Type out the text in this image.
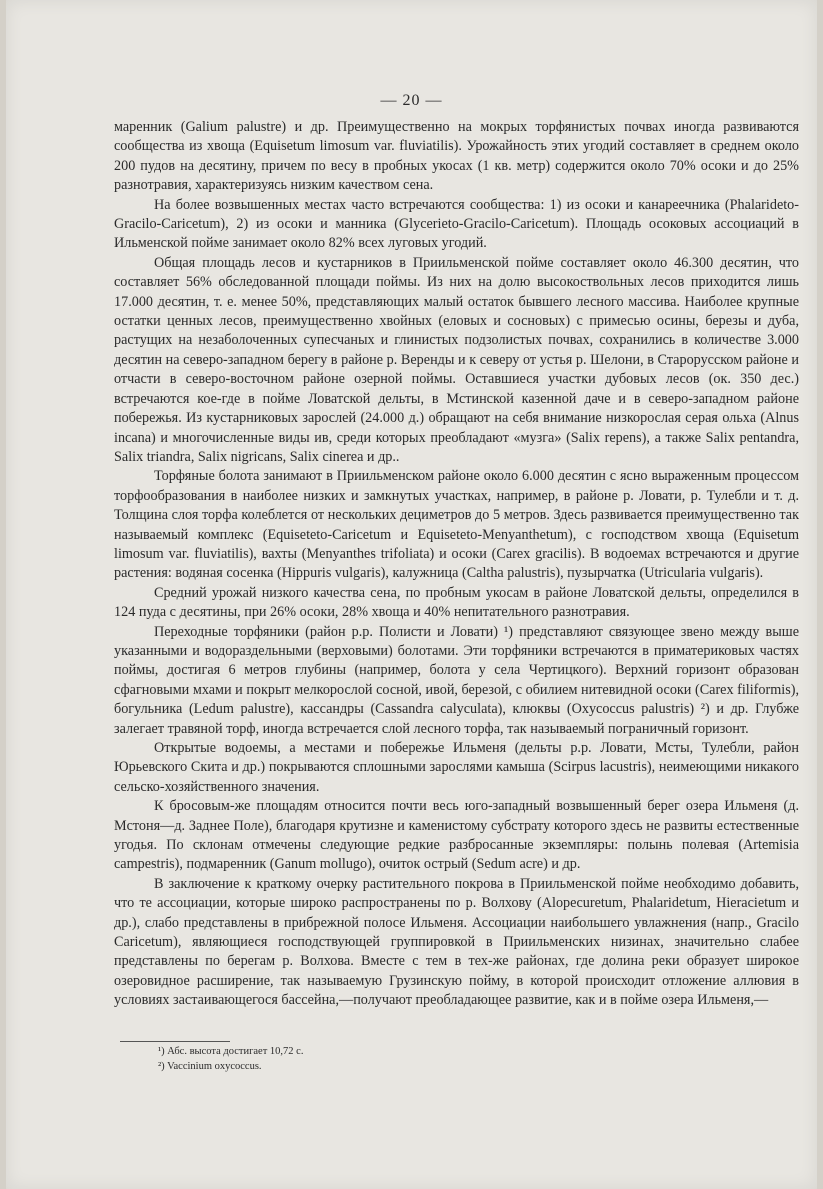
— 20 —

маренник (Galium palustre) и др. Преимущественно на мокрых торфянистых почвах иногда развиваются сообщества из хвоща (Equisetum limosum var. fluviatilis). Урожайность этих угодий составляет в среднем около 200 пудов на десятину, причем по весу в пробных укосах (1 кв. метр) содержится около 70% осоки и до 25% разнотравия, характеризуясь низким качеством сена.

На более возвышенных местах часто встречаются сообщества: 1) из осоки и канареечника (Phalarideto-Gracilo-Caricetum), 2) из осоки и манника (Glycerieto-Gracilo-Caricetum). Площадь осоковых ассоциаций в Ильменской пойме занимает около 82% всех луговых угодий.

Общая площадь лесов и кустарников в Приильменской пойме составляет около 46.300 десятин, что составляет 56% обследованной площади поймы. Из них на долю высокоствольных лесов приходится лишь 17.000 десятин, т. е. менее 50%, представляющих малый остаток бывшего лесного массива. Наиболее крупные остатки ценных лесов, преимущественно хвойных (еловых и сосновых) с примесью осины, березы и дуба, растущих на незаболоченных супесчаных и глинистых подзолистых почвах, сохранились в количестве 3.000 десятин на северо-западном берегу в районе р. Веренды и к северу от устья р. Шелони, в Старорусском районе и отчасти в северо-восточном районе озерной поймы. Оставшиеся участки дубовых лесов (ок. 350 дес.) встречаются кое-где в пойме Ловатской дельты, в Мстинской казенной даче и в северо-западном районе побережья. Из кустарниковых зарослей (24.000 д.) обращают на себя внимание низкорослая серая ольха (Alnus incana) и многочисленные виды ив, среди которых преобладают «музга» (Salix repens), а также Salix pentandra, Salix triandra, Salix nigricans, Salix cinerea и др..

Торфяные болота занимают в Приильменском районе около 6.000 десятин с ясно выраженным процессом торфообразования в наиболее низких и замкнутых участках, например, в районе р. Ловати, р. Тулебли и т. д. Толщина слоя торфа колеблется от нескольких дециметров до 5 метров. Здесь развивается преимущественно так называемый комплекс (Equiseteto-Caricetum и Equiseteto-Menyanthetum), с господством хвоща (Equisetum limosum var. fluviatilis), вахты (Menyanthes trifoliata) и осоки (Carex gracilis). В водоемах встречаются и другие растения: водяная сосенка (Hippuris vulgaris), калужница (Caltha palustris), пузырчатка (Utricularia vulgaris).

Средний урожай низкого качества сена, по пробным укосам в районе Ловатской дельты, определился в 124 пуда с десятины, при 26% осоки, 28% хвоща и 40% непитательного разнотравия.

Переходные торфяники (район р.р. Полисти и Ловати) ¹) представляют связующее звено между выше указанными и водораздельными (верховыми) болотами. Эти торфяники встречаются в приматериковых частях поймы, достигая 6 метров глубины (например, болота у села Чертицкого). Верхний горизонт образован сфагновыми мхами и покрыт мелкорослой сосной, ивой, березой, с обилием нитевидной осоки (Carex filiformis), богульника (Ledum palustre), кассандры (Cassandra calyculata), клюквы (Oxycoccus palustris) ²) и др. Глубже залегает травяной торф, иногда встречается слой лесного торфа, так называемый пограничный горизонт.

Открытые водоемы, а местами и побережье Ильменя (дельты р.р. Ловати, Мсты, Тулебли, район Юрьевского Скита и др.) покрываются сплошными зарослями камыша (Scirpus lacustris), неимеющими никакого сельско-хозяйственного значения.

К бросовым-же площадям относится почти весь юго-западный возвышенный берег озера Ильменя (д. Мстоня—д. Заднее Поле), благодаря крутизне и каменистому субстрату которого здесь не развиты естественные угодья. По склонам отмечены следующие редкие разбросанные экземпляры: полынь полевая (Artemisia campestris), подмаренник (Ganum mollugo), очиток острый (Sedum acre) и др.

В заключение к краткому очерку растительного покрова в Приильменской пойме необходимо добавить, что те ассоциации, которые широко распространены по р. Волхову (Alopecuretum, Phalaridetum, Hieracietum и др.), слабо представлены в прибрежной полосе Ильменя. Ассоциации наибольшего увлажнения (напр., Gracilo Caricetum), являющиеся господствующей группировкой в Приильменских низинах, значительно слабее представлены по берегам р. Волхова. Вместе с тем в тех-же районах, где долина реки образует широкое озеровидное расширение, так называемую Грузинскую пойму, в которой происходит отложение аллювия в условиях застаивающегося бассейна,—получают преобладающее развитие, как и в пойме озера Ильменя,—

¹) Абс. высота достигает 10,72 с.
²) Vaccinium oxycoccus.
